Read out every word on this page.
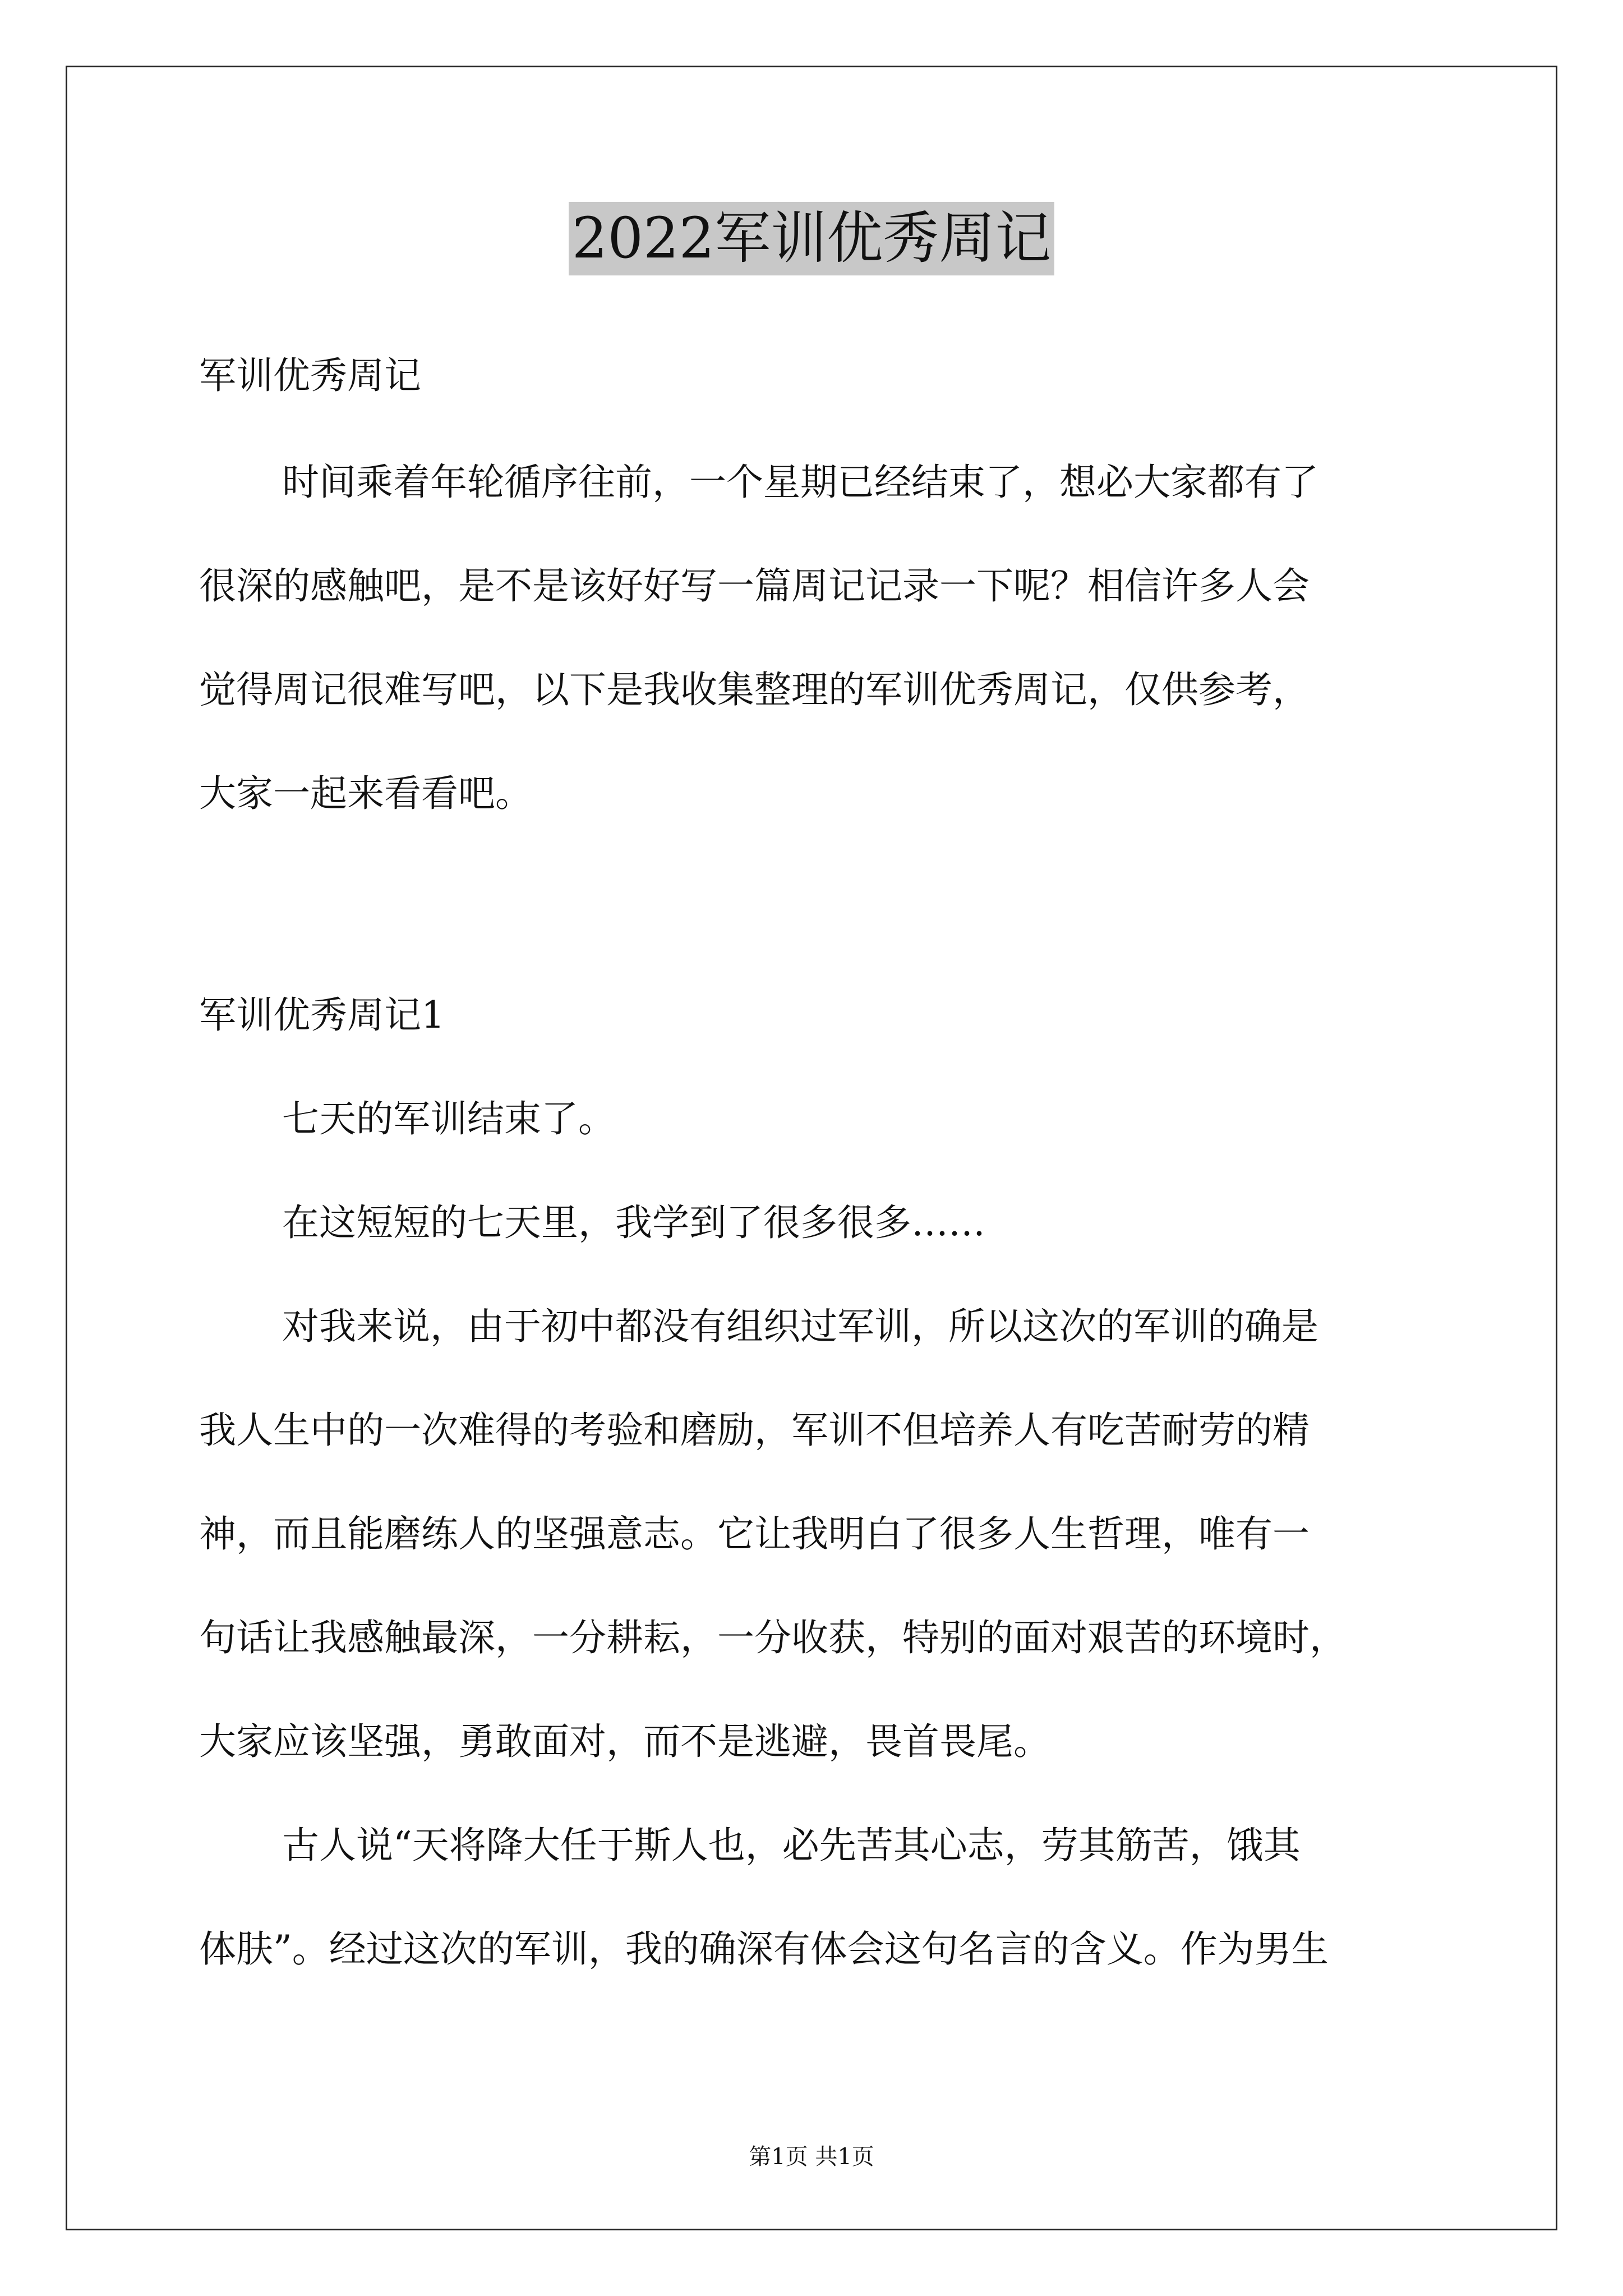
2022军训优秀周记
军训优秀周记
时间乘着年轮循序往前，一个星期已经结束了，想必大家都有了
很深的感触吧，是不是该好好写一篇周记记录一下呢？相信许多人会
觉得周记很难写吧，以下是我收集整理的军训优秀周记，仅供参考，
大家一起来看看吧。
军训优秀周记1
七天的军训结束了。
在这短短的七天里，我学到了很多很多……
对我来说，由于初中都没有组织过军训，所以这次的军训的确是
我人生中的一次难得的考验和磨励，军训不但培养人有吃苦耐劳的精
神，而且能磨练人的坚强意志。它让我明白了很多人生哲理，唯有一
句话让我感触最深，一分耕耘，一分收获，特别的面对艰苦的环境时，
大家应该坚强，勇敢面对，而不是逃避，畏首畏尾。
古人说“天将降大任于斯人也，必先苦其心志，劳其筋苦，饿其
体肤”。经过这次的军训，我的确深有体会这句名言的含义。作为男生
第1页 共1页
